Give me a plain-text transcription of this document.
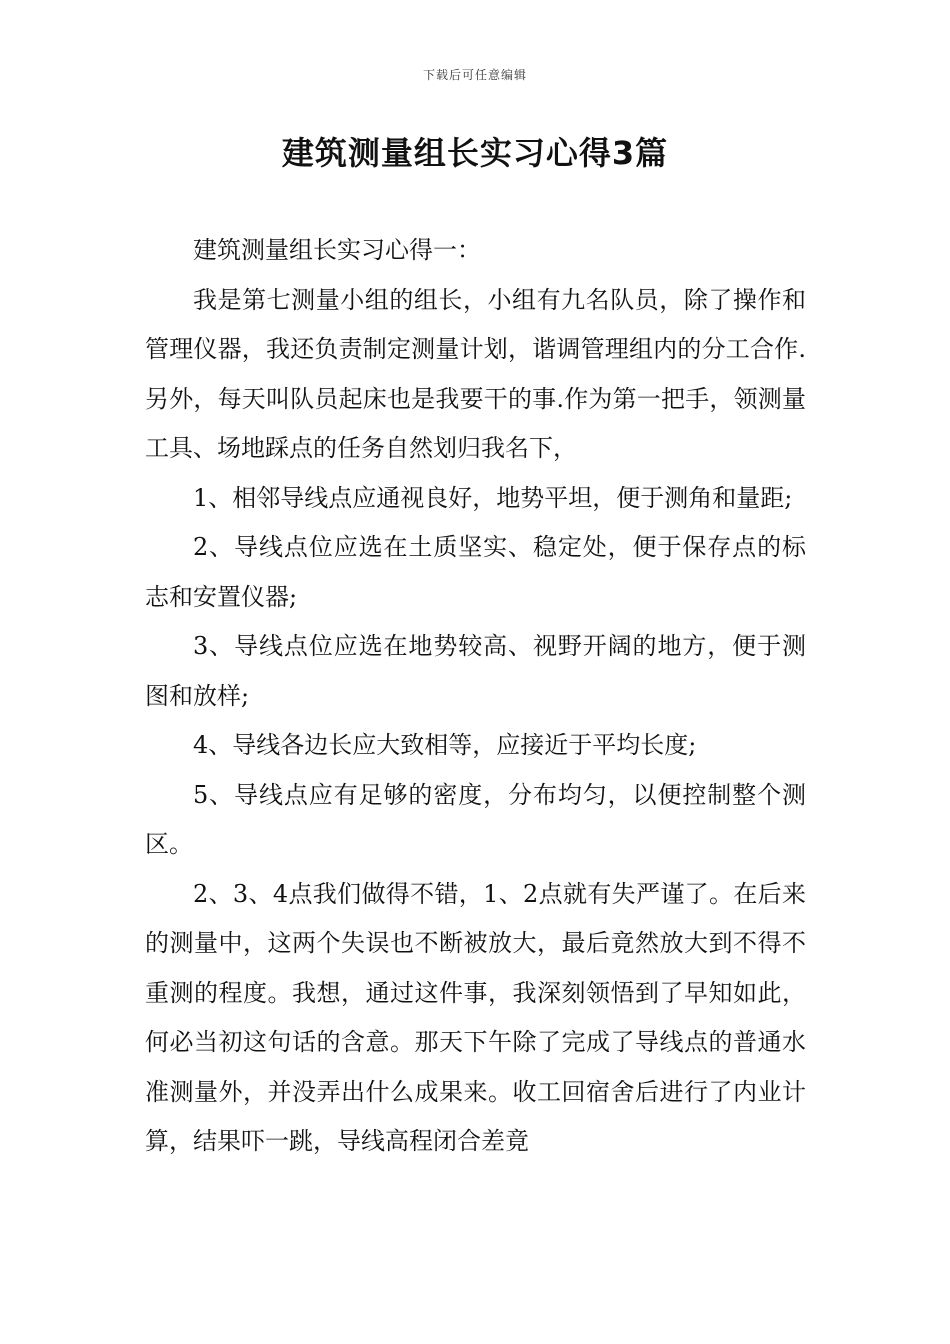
下载后可任意编辑
建筑测量组长实习心得3篇

建筑测量组长实习心得一：

我是第七测量小组的组长，小组有九名队员，除了操作和管理仪器，我还负责制定测量计划，谐调管理组内的分工合作.另外，每天叫队员起床也是我要干的事.作为第一把手，领测量工具、场地踩点的任务自然划归我名下，

1、相邻导线点应通视良好，地势平坦，便于测角和量距;

2、导线点位应选在土质坚实、稳定处，便于保存点的标志和安置仪器;

3、导线点位应选在地势较高、视野开阔的地方，便于测图和放样;

4、导线各边长应大致相等，应接近于平均长度;

5、导线点应有足够的密度，分布均匀，以便控制整个测区。

2、3、4点我们做得不错，1、2点就有失严谨了。在后来的测量中，这两个失误也不断被放大，最后竟然放大到不得不重测的程度。我想，通过这件事，我深刻领悟到了早知如此，何必当初这句话的含意。那天下午除了完成了导线点的普通水准测量外，并没弄出什么成果来。收工回宿舍后进行了内业计算，结果吓一跳，导线高程闭合差竟
